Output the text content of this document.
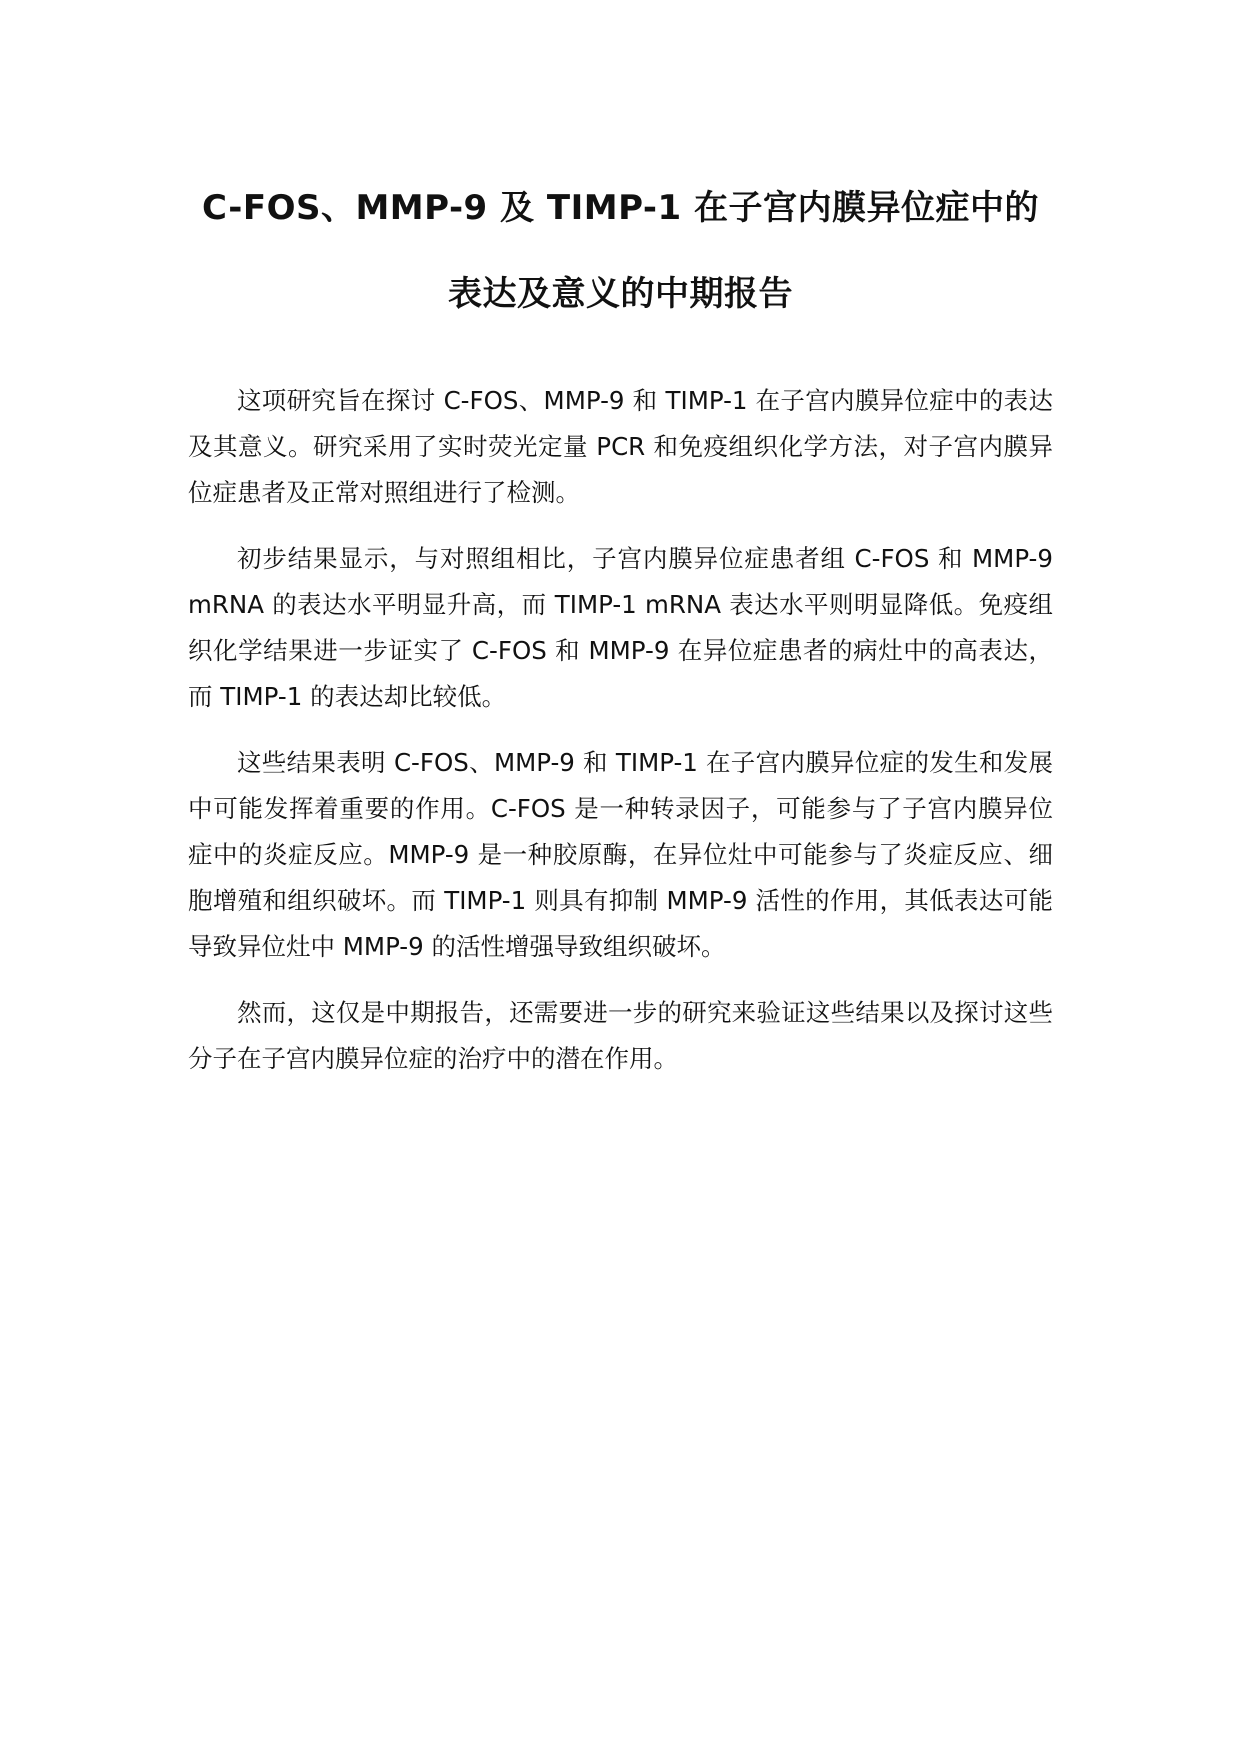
C-FOS、MMP-9 及 TIMP-1 在子宫内膜异位症中的
表达及意义的中期报告

这项研究旨在探讨 C-FOS、MMP-9 和 TIMP-1 在子宫内膜异位症中的表达及其意义。研究采用了实时荧光定量 PCR 和免疫组织化学方法，对子宫内膜异位症患者及正常对照组进行了检测。

初步结果显示，与对照组相比，子宫内膜异位症患者组 C-FOS 和 MMP-9 mRNA 的表达水平明显升高，而 TIMP-1 mRNA 表达水平则明显降低。免疫组织化学结果进一步证实了 C-FOS 和 MMP-9 在异位症患者的病灶中的高表达，而 TIMP-1 的表达却比较低。

这些结果表明 C-FOS、MMP-9 和 TIMP-1 在子宫内膜异位症的发生和发展中可能发挥着重要的作用。C-FOS 是一种转录因子，可能参与了子宫内膜异位症中的炎症反应。MMP-9 是一种胶原酶，在异位灶中可能参与了炎症反应、细胞增殖和组织破坏。而 TIMP-1 则具有抑制 MMP-9 活性的作用，其低表达可能导致异位灶中 MMP-9 的活性增强导致组织破坏。

然而，这仅是中期报告，还需要进一步的研究来验证这些结果以及探讨这些分子在子宫内膜异位症的治疗中的潜在作用。
